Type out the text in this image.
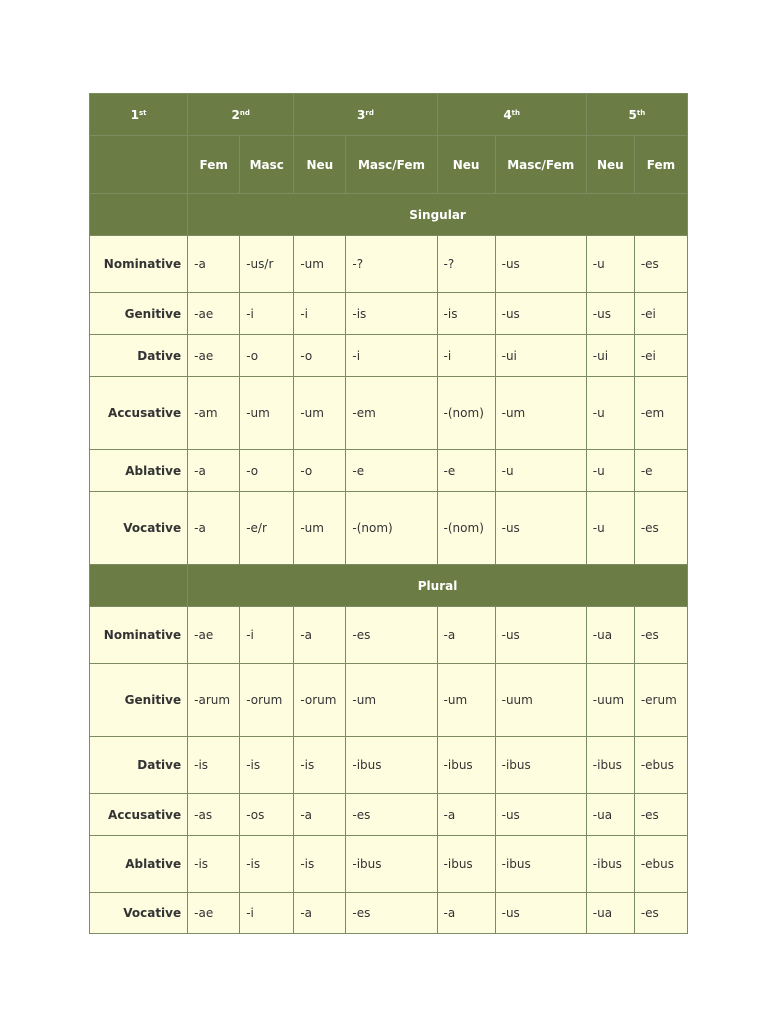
1st	2nd		3rd		4th		5th
	Fem	Masc	Neu	Masc/Fem	Neu	Masc/Fem	Neu	Fem
	Singular							
Nominative	-a	-us/r	-um	-?	-?	-us	-u	-es
Genitive	-ae	-i	-i	-is	-is	-us	-us	-ei
Dative	-ae	-o	-o	-i	-i	-ui	-ui	-ei
Accusative	-am	-um	-um	-em	-(nom)	-um	-u	-em
Ablative	-a	-o	-o	-e	-e	-u	-u	-e
Vocative	-a	-e/r	-um	-(nom)	-(nom)	-us	-u	-es
	Plural							
Nominative	-ae	-i	-a	-es	-a	-us	-ua	-es
Genitive	-arum	-orum	-orum	-um	-um	-uum	-uum	-erum
Dative	-is	-is	-is	-ibus	-ibus	-ibus	-ibus	-ebus
Accusative	-as	-os	-a	-es	-a	-us	-ua	-es
Ablative	-is	-is	-is	-ibus	-ibus	-ibus	-ibus	-ebus
Vocative	-ae	-i	-a	-es	-a	-us	-ua	-es
